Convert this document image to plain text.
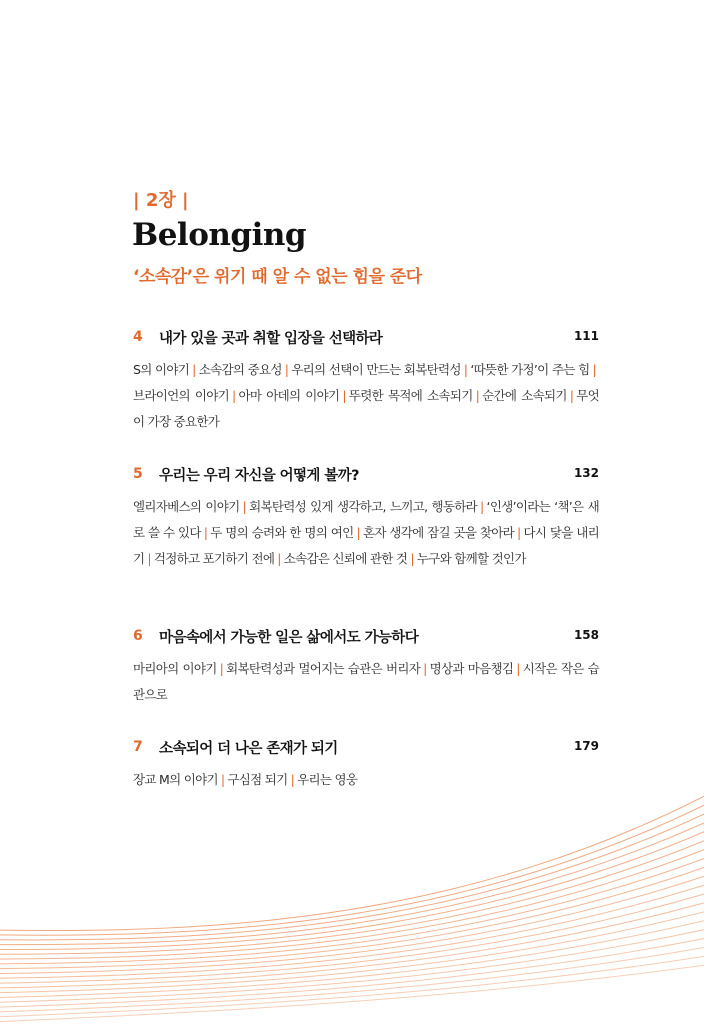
| 2장 |
Belonging
‘소속감’은 위기 때 알 수 없는 힘을 준다
4	내가 있을 곳과 취할 입장을 선택하라	111
S의 이야기 | 소속감의 중요성 | 우리의 선택이 만드는 회복탄력성 | ‘따뜻한 가정’이 주는 힘 |브라이언의 이야기 | 아마 아데의 이야기 | 뚜렷한 목적에 소속되기 | 순간에 소속되기 | 무엇이 가장 중요한가
5	우리는 우리 자신을 어떻게 볼까?	132
엘리자베스의 이야기 | 회복탄력성 있게 생각하고, 느끼고, 행동하라 | ‘인생’이라는 ‘책’은 새로 쓸 수 있다 | 두 명의 승려와 한 명의 여인 | 혼자 생각에 잠길 곳을 찾아라 | 다시 닻을 내리기 | 걱정하고 포기하기 전에 | 소속감은 신뢰에 관한 것 | 누구와 함께할 것인가
6	마음속에서 가능한 일은 삶에서도 가능하다	158
마리아의 이야기 | 회복탄력성과 멀어지는 습관은 버리자 | 명상과 마음챙김 | 시작은 작은 습관으로
7	소속되어 더 나은 존재가 되기	179
장교 M의 이야기 | 구심점 되기 | 우리는 영웅
